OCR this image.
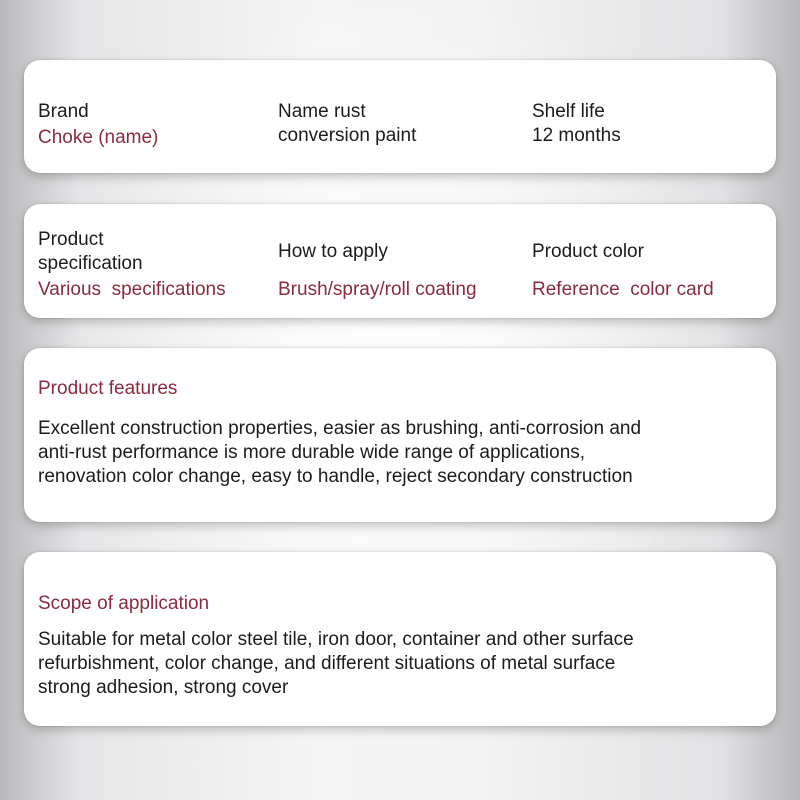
Brand
Choke (name)
Name rust conversion paint
Shelf life
12 months
Product specification
Various  specifications
How to apply
Brush/spray/roll coating
Product color
Reference  color card
Product features
Excellent construction properties, easier as brushing, anti-corrosion and
anti-rust performance is more durable wide range of applications,
renovation color change, easy to handle, reject secondary construction
Scope of application
Suitable for metal color steel tile, iron door, container and other surface
refurbishment, color change, and different situations of metal surface
strong adhesion, strong cover
